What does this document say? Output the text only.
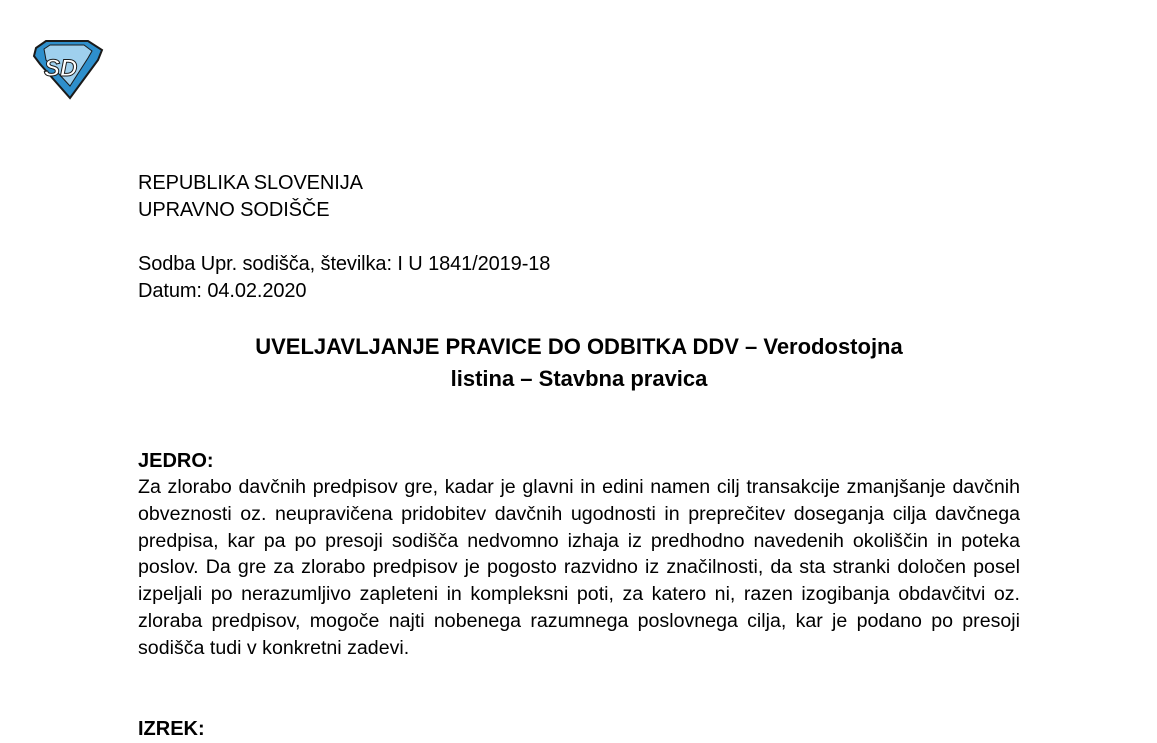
SD
REPUBLIKA SLOVENIJA
UPRAVNO SODIŠČE
Sodba Upr. sodišča, številka: I U 1841/2019-18
Datum: 04.02.2020
UVELJAVLJANJE PRAVICE DO ODBITKA DDV – Verodostojna
listina – Stavbna pravica
JEDRO:

Za zlorabo davčnih predpisov gre, kadar je glavni in edini namen cilj transakcije zmanjšanje davčnih obveznosti oz. neupravičena pridobitev davčnih ugodnosti in preprečitev doseganja cilja davčnega predpisa, kar pa po presoji sodišča nedvomno izhaja iz predhodno navedenih okoliščin in poteka poslov. Da gre za zlorabo predpisov je pogosto razvidno iz značilnosti, da sta stranki določen posel izpeljali po nerazumljivo zapleteni in kompleksni poti, za katero ni, razen izogibanja obdavčitvi oz. zloraba predpisov, mogoče najti nobenega razumnega poslovnega cilja, kar je podano po presoji sodišča tudi v konkretni zadevi.

IZREK:
